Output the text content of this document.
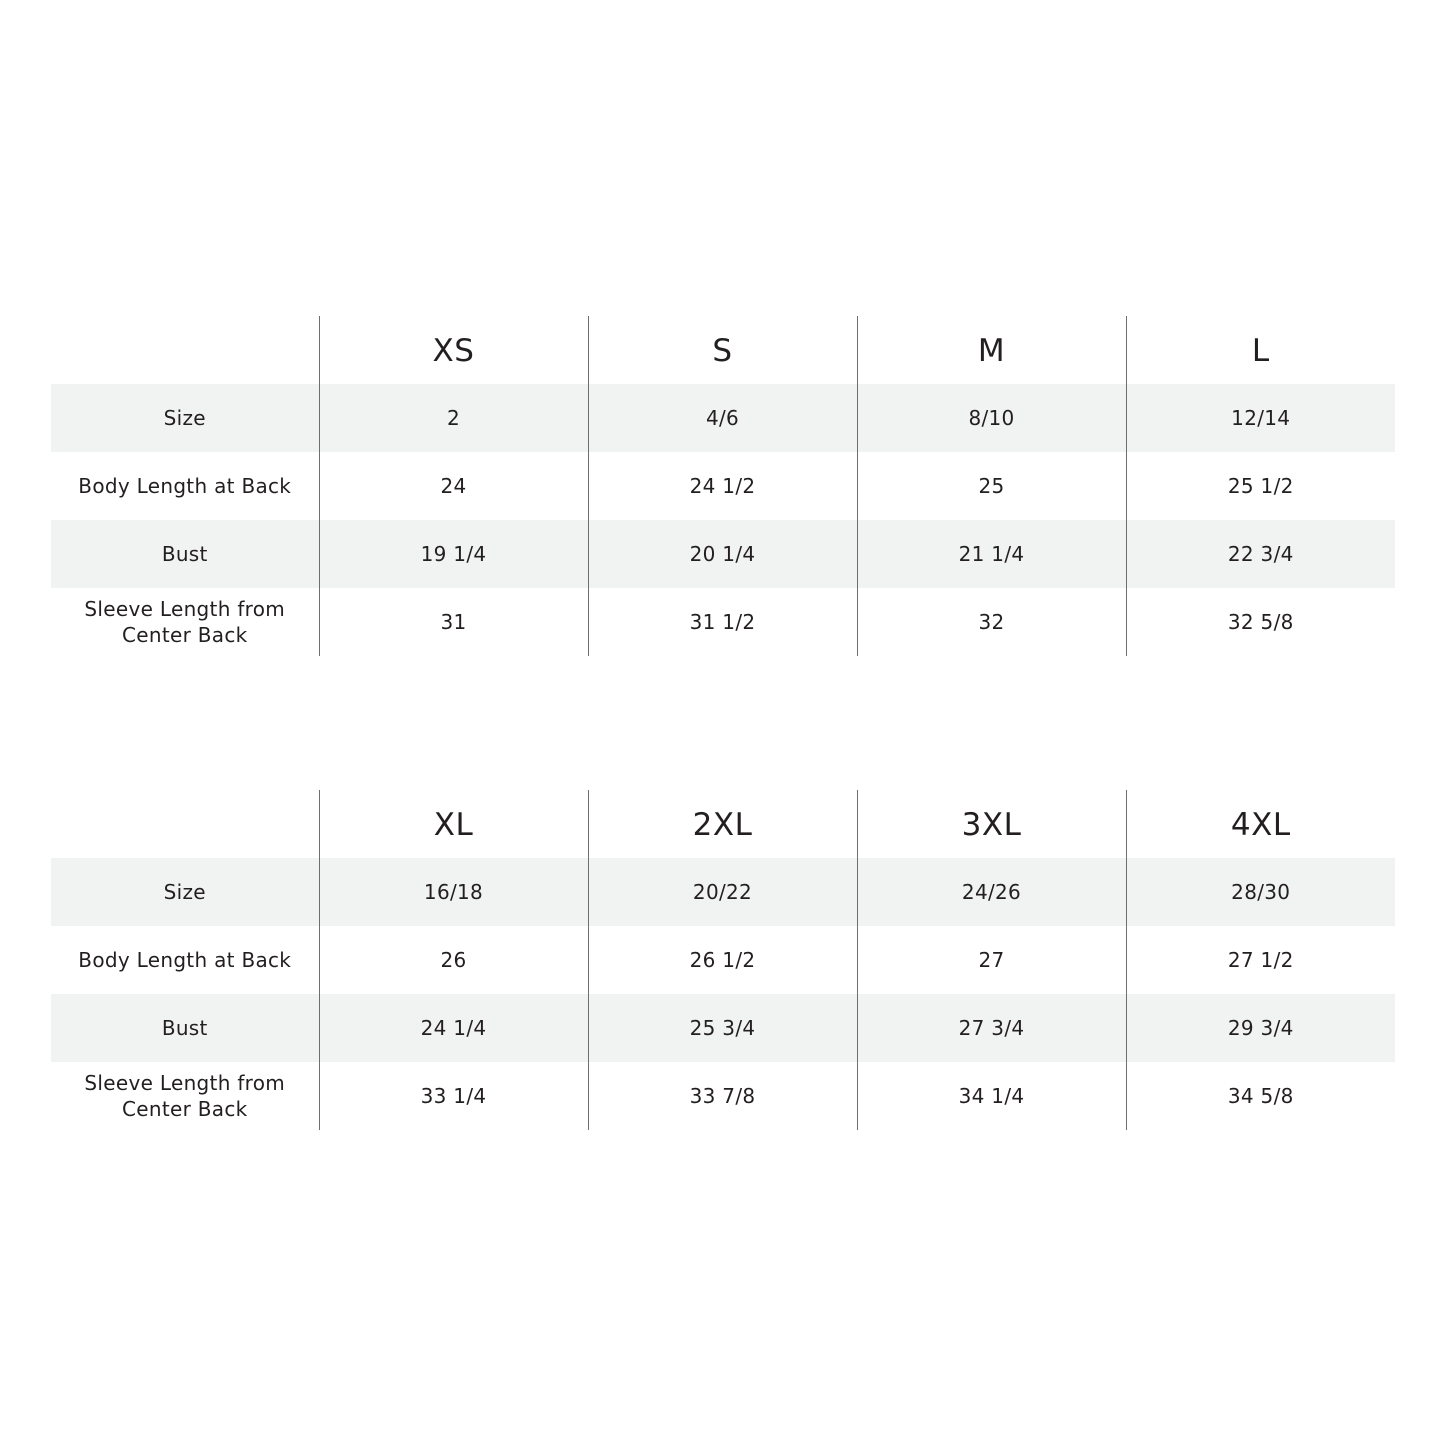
	XS	S	M	L

Size	2	4/6	8/10	12/14

Body Length at Back	24	24 1/2	25	25 1/2

Bust	19 1/4	20 1/4	21 1/4	22 3/4

Sleeve Length from Center Back	31	31 1/2	32	32 5/8
	XL	2XL	3XL	4XL

Size	16/18	20/22	24/26	28/30

Body Length at Back	26	26 1/2	27	27 1/2

Bust	24 1/4	25 3/4	27 3/4	29 3/4

Sleeve Length from Center Back	33 1/4	33 7/8	34 1/4	34 5/8
